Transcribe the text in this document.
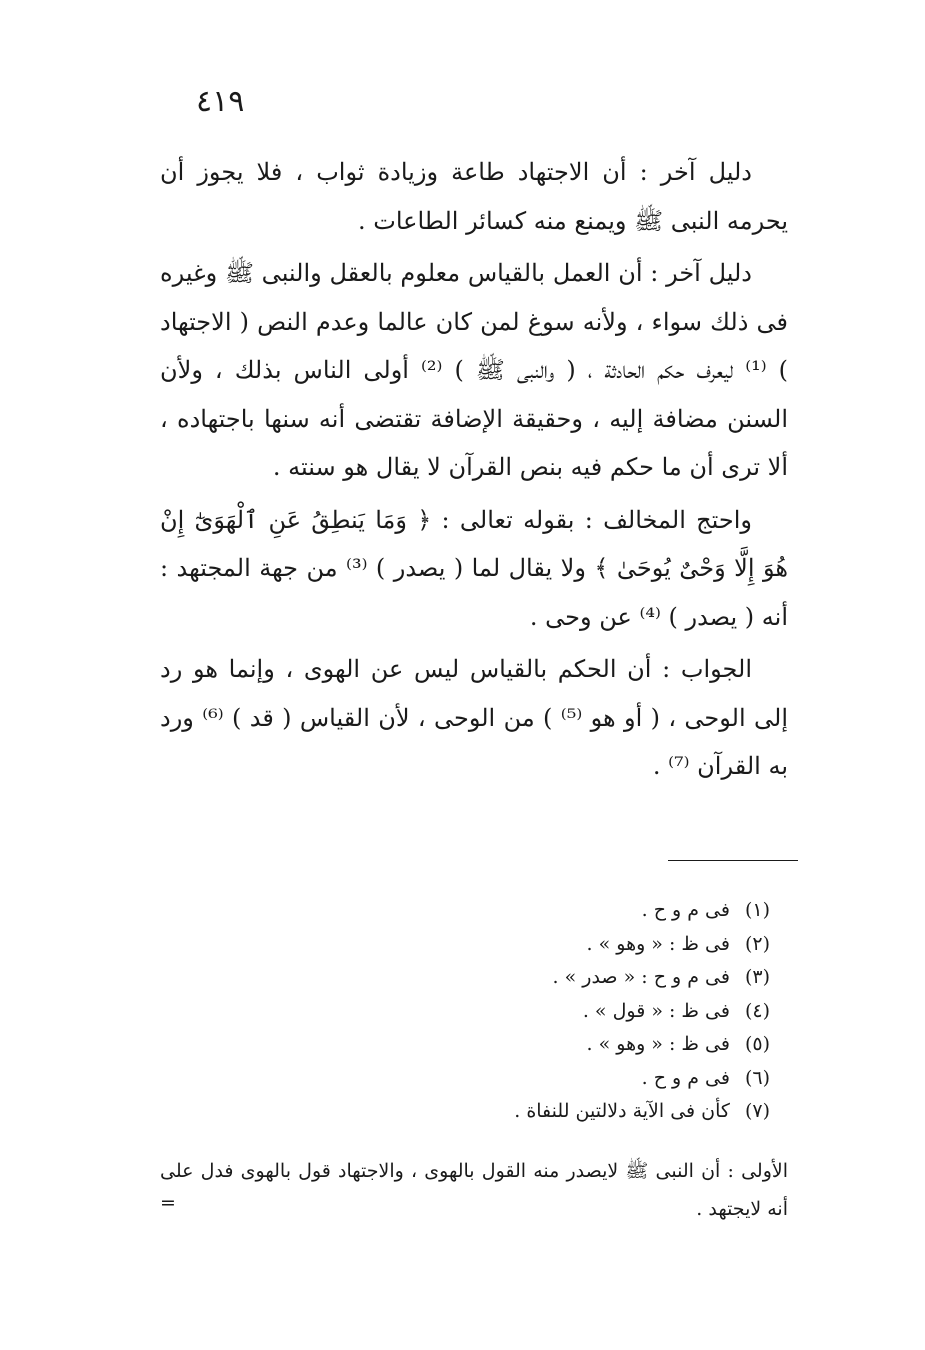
٤١٩

دليل آخر : أن الاجتهاد طاعة وزيادة ثواب ، فلا يجوز أن يحرمه النبى ﷺ ويمنع منه كسائر الطاعات .

دليل آخر : أن العمل بالقياس معلوم بالعقل والنبى ﷺ وغيره فى ذلك سواء ، ولأنه سوغ لمن كان عالما وعدم النص ( الاجتهاد ) ⁽¹⁾ ليعرف حكم الحادثة ، ( والنبى ﷺ ) ⁽²⁾ أولى الناس بذلك ، ولأن السنن مضافة إليه ، وحقيقة الإضافة تقتضى أنه سنها باجتهاده ، ألا ترى أن ما حكم فيه بنص القرآن لا يقال هو سنته .

واحتج المخالف : بقوله تعالى : ﴿ وَمَا يَنطِقُ عَنِ ٱلْهَوَىٰٓ إِنْ هُوَ إِلَّا وَحْىٌ يُوحَىٰ ﴾ ولا يقال لما ( يصدر ) ⁽³⁾ من جهة المجتهد : أنه ( يصدر ) ⁽⁴⁾ عن وحى .

الجواب : أن الحكم بالقياس ليس عن الهوى ، وإنما هو رد إلى الوحى ، ( أو هو ⁽⁵⁾ ) من الوحى ، لأن القياس ( قد ) ⁽⁶⁾ ورد به القرآن ⁽⁷⁾ .

(١) فى م و ح .
(٢) فى ظ : « وهو » .
(٣) فى م و ح : « صدر » .
(٤) فى ظ : « قول » .
(٥) فى ظ : « وهو » .
(٦) فى م و ح .
(٧) كأن فى الآية دلالتين للنفاة .
الأولى : أن النبى ﷺ لايصدر منه القول بالهوى ، والاجتهاد قول بالهوى فدل على أنه لايجتهد .
=
